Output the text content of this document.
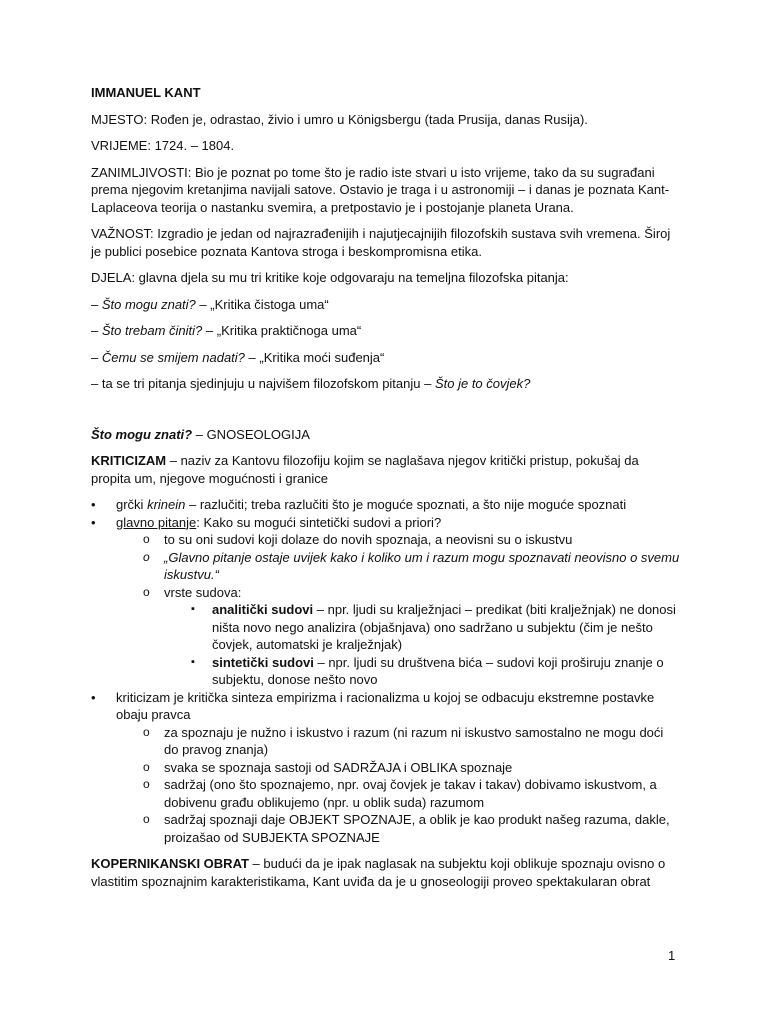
IMMANUEL KANT

MJESTO: Rođen je, odrastao, živio i umro u Königsbergu (tada Prusija, danas Rusija).

VRIJEME: 1724. – 1804.

ZANIMLJIVOSTI: Bio je poznat po tome što je radio iste stvari u isto vrijeme, tako da su sugrađani prema njegovim kretanjima navijali satove. Ostavio je traga i u astronomiji – i danas je poznata Kant-Laplaceova teorija o nastanku svemira, a pretpostavio je i postojanje planeta Urana.

VAŽNOST: Izgradio je jedan od najrazrađenijih i najutjecajnijih filozofskih sustava svih vremena. Široj je publici posebice poznata Kantova stroga i beskompromisna etika.

DJELA: glavna djela su mu tri kritike koje odgovaraju na temeljna filozofska pitanja:

– Što mogu znati? – „Kritika čistoga uma“

– Što trebam činiti? – „Kritika praktičnoga uma“

– Čemu se smijem nadati? – „Kritika moći suđenja“

– ta se tri pitanja sjedinjuju u najvišem filozofskom pitanju – Što je to čovjek?

Što mogu znati? – GNOSEOLOGIJA

KRITICIZAM – naziv za Kantovu filozofiju kojim se naglašava njegov kritički pristup, pokušaj da propita um, njegove mogućnosti i granice

• grčki krinein – razlučiti; treba razlučiti što je moguće spoznati, a što nije moguće spoznati
• glavno pitanje: Kako su mogući sintetički sudovi a priori?
o to su oni sudovi koji dolaze do novih spoznaja, a neovisni su o iskustvu
o „Glavno pitanje ostaje uvijek kako i koliko um i razum mogu spoznavati neovisno o svemu iskustvu.“
o vrste sudova:
▪ analitički sudovi – npr. ljudi su kralježnjaci – predikat (biti kralježnjak) ne donosi ništa novo nego analizira (objašnjava) ono sadržano u subjektu (čim je nešto čovjek, automatski je kralježnjak)
▪ sintetički sudovi – npr. ljudi su društvena bića – sudovi koji proširuju znanje o subjektu, donose nešto novo
• kriticizam je kritička sinteza empirizma i racionalizma u kojoj se odbacuju ekstremne postavke obaju pravca
o za spoznaju je nužno i iskustvo i razum (ni razum ni iskustvo samostalno ne mogu doći do pravog znanja)
o svaka se spoznaja sastoji od SADRŽAJA i OBLIKA spoznaje
o sadržaj (ono što spoznajemo, npr. ovaj čovjek je takav i takav) dobivamo iskustvom, a dobivenu građu oblikujemo (npr. u oblik suda) razumom
o sadržaj spoznaji daje OBJEKT SPOZNAJE, a oblik je kao produkt našeg razuma, dakle, proizašao od SUBJEKTA SPOZNAJE

KOPERNIKANSKI OBRAT – budući da je ipak naglasak na subjektu koji oblikuje spoznaju ovisno o vlastitim spoznajnim karakteristikama, Kant uviđa da je u gnoseologiji proveo spektakularan obrat

1
